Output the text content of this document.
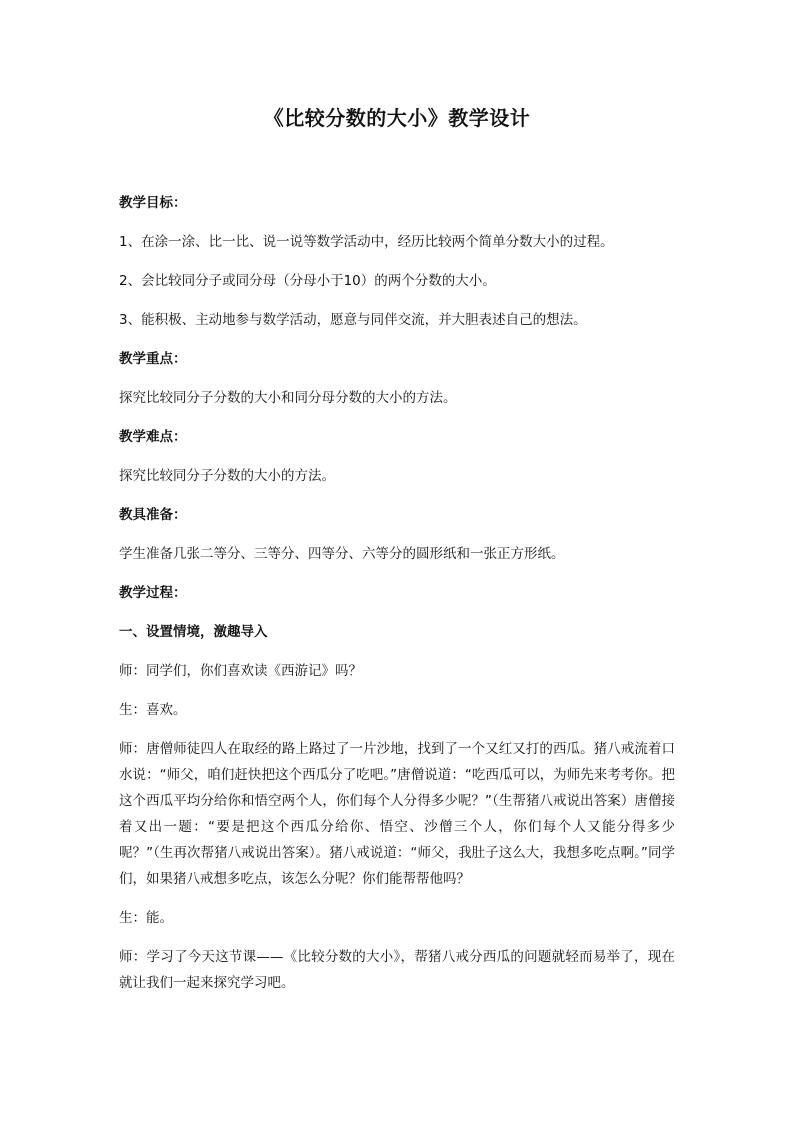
《比较分数的大小》教学设计

教学目标：

1、在涂一涂、比一比、说一说等数学活动中，经历比较两个简单分数大小的过程。

2、会比较同分子或同分母（分母小于10）的两个分数的大小。

3、能积极、主动地参与数学活动，愿意与同伴交流，并大胆表述自己的想法。

教学重点：

探究比较同分子分数的大小和同分母分数的大小的方法。

教学难点：

探究比较同分子分数的大小的方法。

教具准备：

学生准备几张二等分、三等分、四等分、六等分的圆形纸和一张正方形纸。

教学过程：

一、设置情境，激趣导入

师：同学们，你们喜欢读《西游记》吗？

生：喜欢。

师：唐僧师徒四人在取经的路上路过了一片沙地，找到了一个又红又打的西瓜。猪八戒流着口水说：“师父，咱们赶快把这个西瓜分了吃吧。”唐僧说道：“吃西瓜可以，为师先来考考你。把这个西瓜平均分给你和悟空两个人，你们每个人分得多少呢？”（生帮猪八戒说出答案）唐僧接着又出一题：“要是把这个西瓜分给你、悟空、沙僧三个人，你们每个人又能分得多少呢？”（生再次帮猪八戒说出答案）。猪八戒说道：“师父，我肚子这么大，我想多吃点啊。”同学们，如果猪八戒想多吃点，该怎么分呢？你们能帮帮他吗？

生：能。

师：学习了今天这节课——《比较分数的大小》，帮猪八戒分西瓜的问题就轻而易举了，现在就让我们一起来探究学习吧。
